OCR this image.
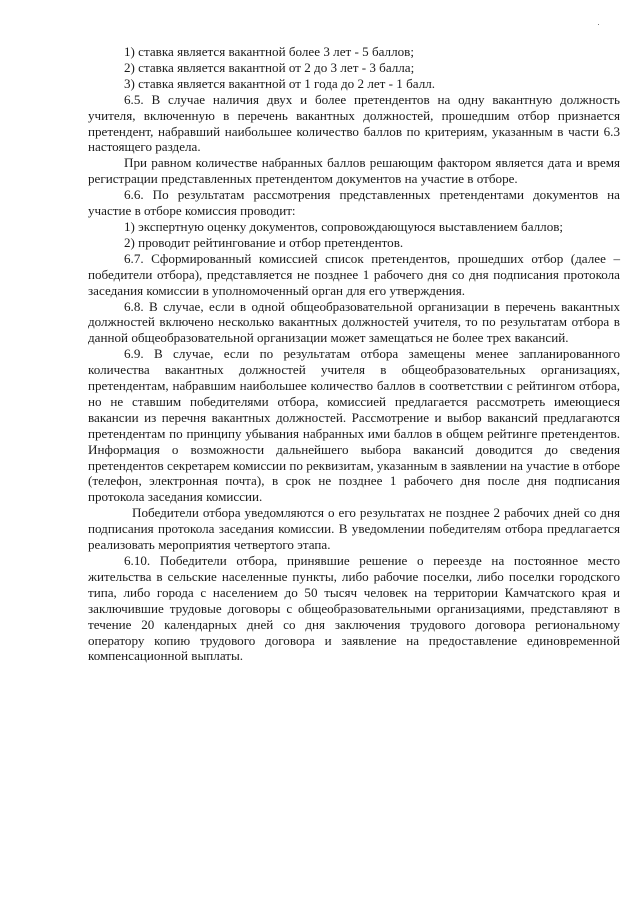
1) ставка является вакантной более 3 лет - 5 баллов;

2) ставка является вакантной от 2 до 3 лет - 3 балла;

3) ставка является вакантной от 1 года до 2 лет - 1 балл.

6.5. В случае наличия двух и более претендентов на одну вакантную должность учителя, включенную в перечень вакантных должностей, прошедшим отбор признается претендент, набравший наибольшее количество баллов по критериям, указанным в части 6.3 настоящего раздела.

При равном количестве набранных баллов решающим фактором является дата и время регистрации представленных претендентом документов на участие в отборе.

6.6. По результатам рассмотрения представленных претендентами документов на участие в отборе комиссия проводит:

1) экспертную оценку документов, сопровождающуюся выставлением баллов;

2) проводит рейтингование и отбор претендентов.

6.7. Сформированный комиссией список претендентов, прошедших отбор (далее – победители отбора), представляется не позднее 1 рабочего дня со дня подписания протокола заседания комиссии в уполномоченный орган для его утверждения.

6.8. В случае, если в одной общеобразовательной организации в перечень вакантных должностей включено несколько вакантных должностей учителя, то по результатам отбора в данной общеобразовательной организации может замещаться не более трех вакансий.

6.9. В случае, если по результатам отбора замещены менее запланированного количества вакантных должностей учителя в общеобразовательных организациях, претендентам, набравшим наибольшее количество баллов в соответствии с рейтингом отбора, но не ставшим победителями отбора, комиссией предлагается рассмотреть имеющиеся вакансии из перечня вакантных должностей. Рассмотрение и выбор вакансий предлагаются претендентам по принципу убывания набранных ими баллов в общем рейтинге претендентов. Информация о возможности дальнейшего выбора вакансий доводится до сведения претендентов секретарем комиссии по реквизитам, указанным в заявлении на участие в отборе (телефон, электронная почта), в срок не позднее 1 рабочего дня после дня подписания протокола заседания комиссии.

Победители отбора уведомляются о его результатах не позднее 2 рабочих дней со дня подписания протокола заседания комиссии. В уведомлении победителям отбора предлагается реализовать мероприятия четвертого этапа.

6.10. Победители отбора, принявшие решение о переезде на постоянное место жительства в сельские населенные пункты, либо рабочие поселки, либо поселки городского типа, либо города с населением до 50 тысяч человек на территории Камчатского края и заключившие трудовые договоры с общеобразовательными организациями, представляют в течение 20 календарных дней со дня заключения трудового договора региональному оператору копию трудового договора и заявление на предоставление единовременной компенсационной выплаты.
